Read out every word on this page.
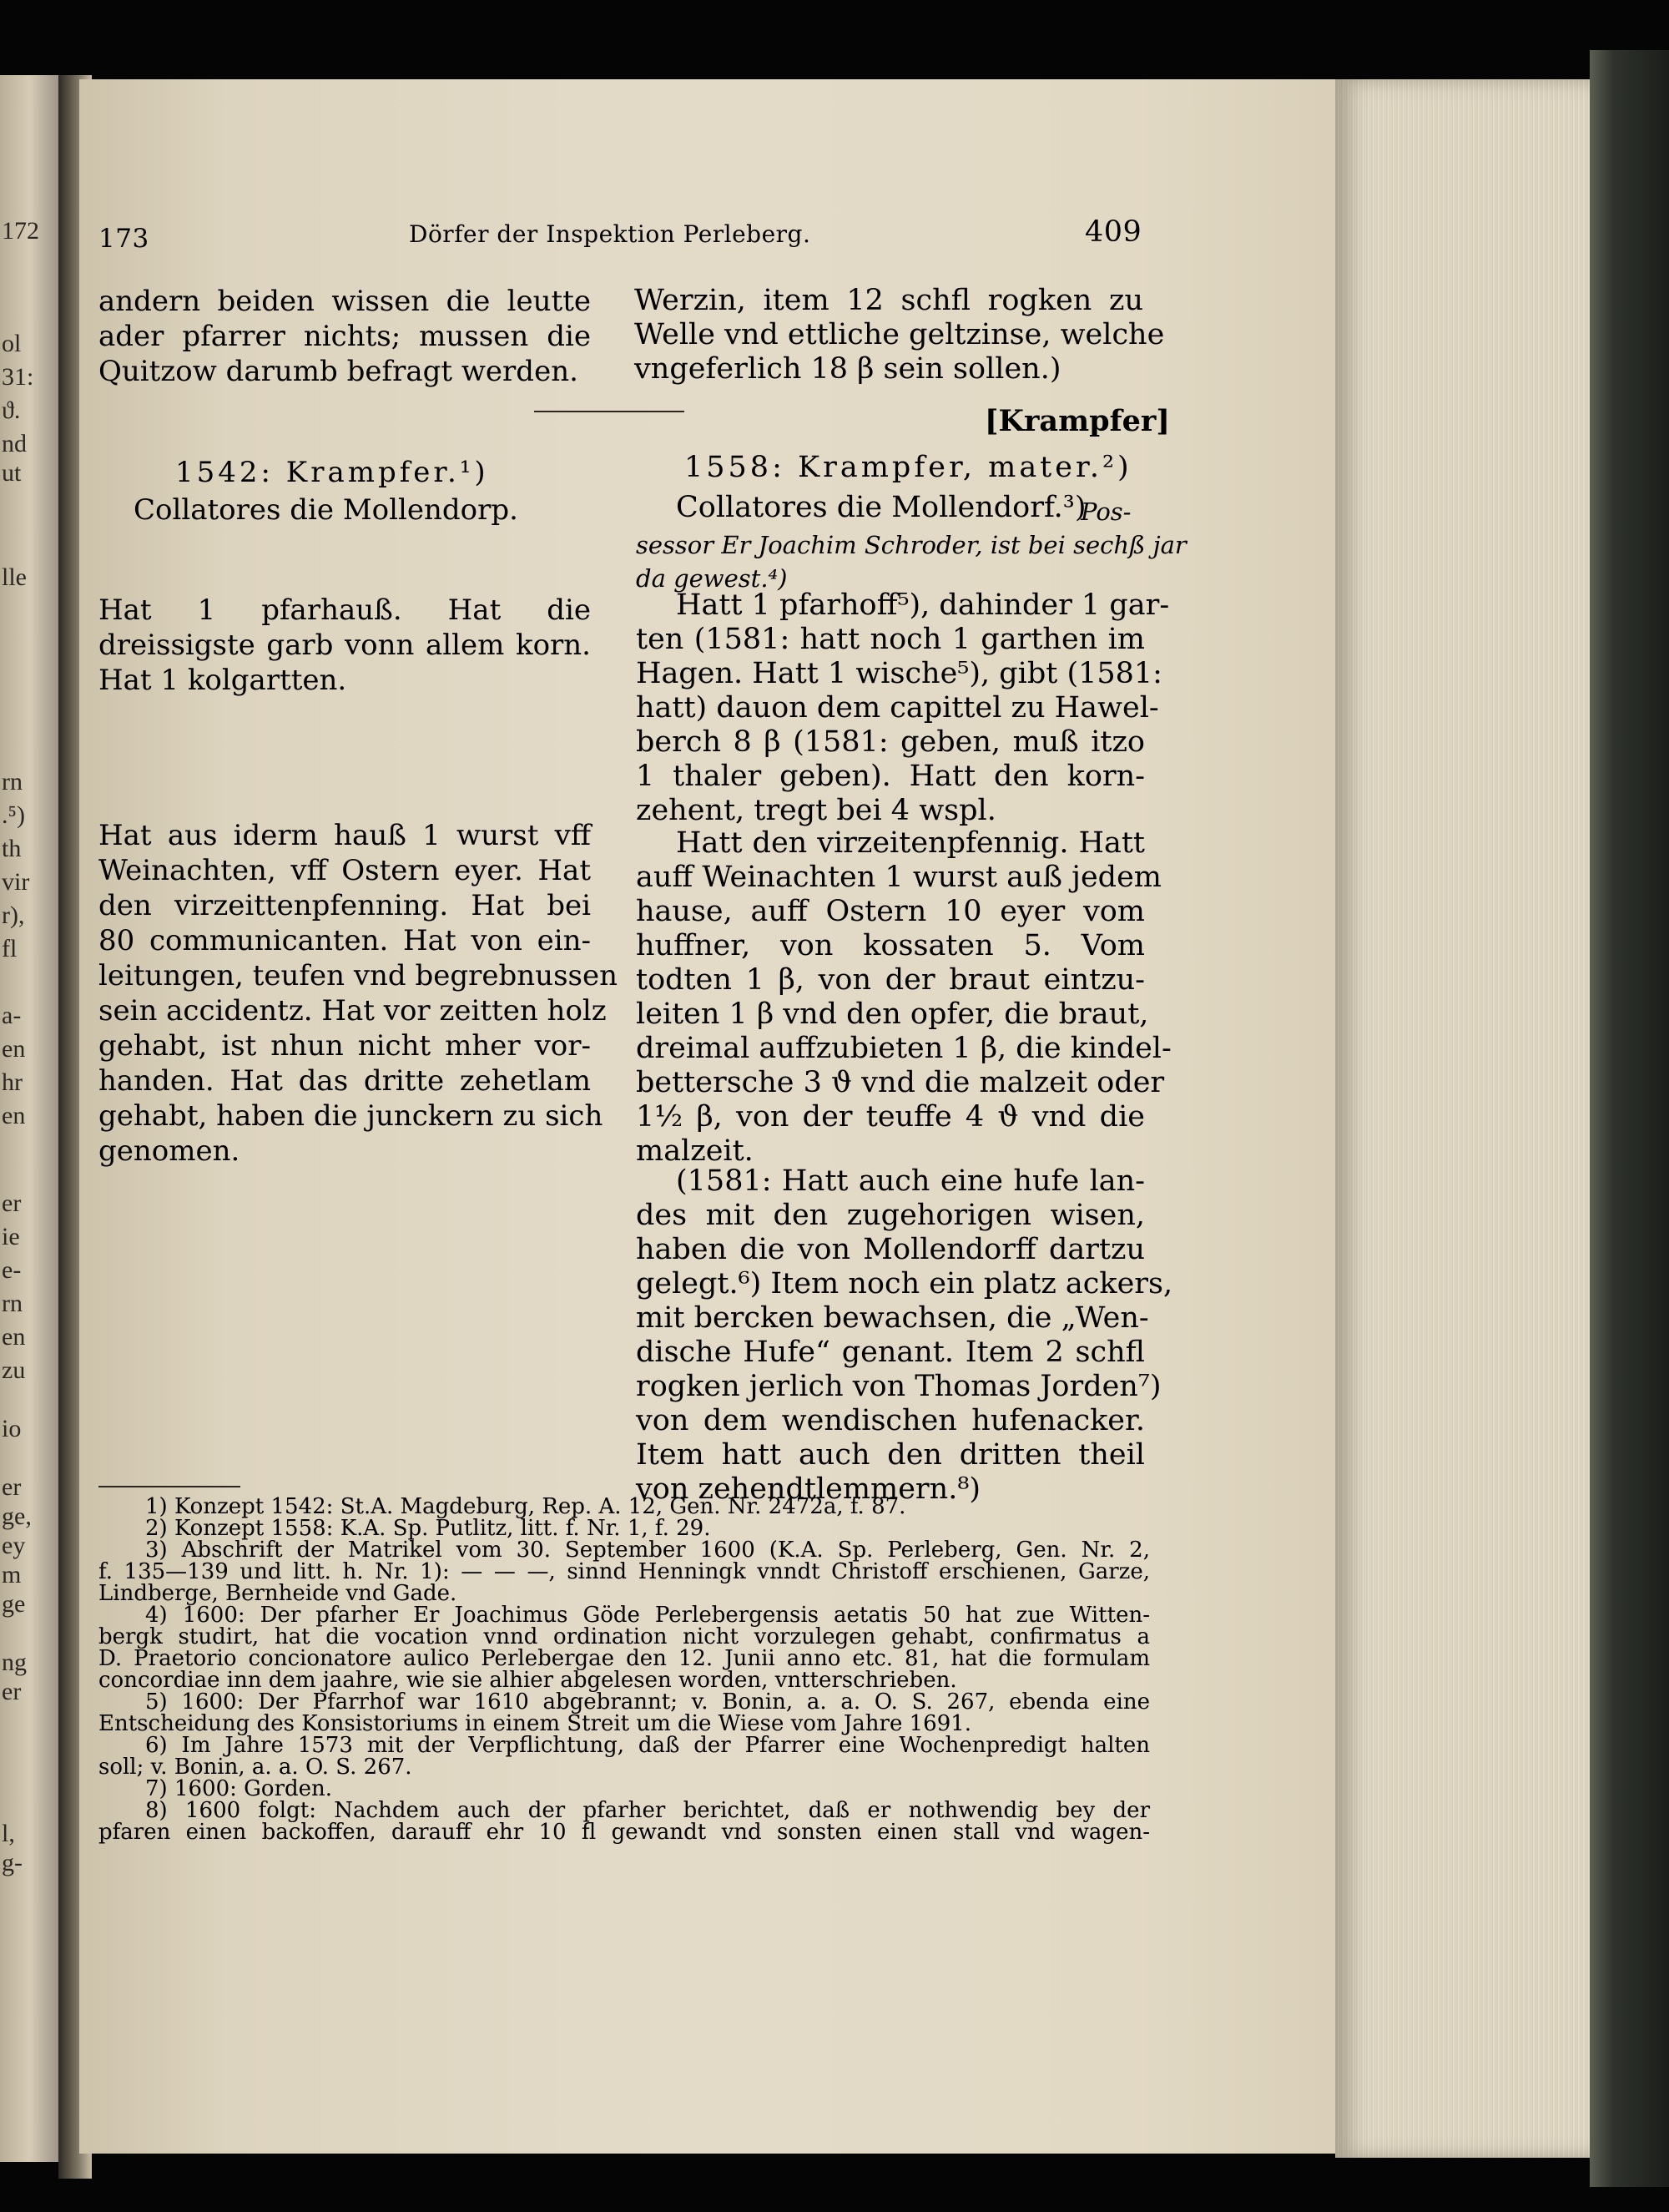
172
ol
31:
ϑ.
nd
ut
lle
rn
.⁵)
th
vir
r),
fl
a-
en
hr
en
er
ie
e-
rn
en
zu
io
er
ge,
ey
m
ge
ng
er
l,
g-
173	Dörfer der Inspektion Perleberg.	409
andern beiden wissen die leutte
ader pfarrer nichts; mussen die
Quitzow darumb befragt werden.
Werzin, item 12 schfl rogken zu
Welle vnd ettliche geltzinse, welche
vngeferlich 18 β sein sollen.)
[Krampfer]
1542: Krampfer.¹)
Collatores die Mollendorp.
Hat 1 pfarhauß. Hat die
dreissigste garb vonn allem korn.
Hat 1 kolgartten.
Hat aus iderm hauß 1 wurst vff
Weinachten, vff Ostern eyer. Hat
den virzeittenpfenning. Hat bei
80 communicanten. Hat von ein-
leitungen, teufen vnd begrebnussen
sein accidentz. Hat vor zeitten holz
gehabt, ist nhun nicht mher vor-
handen. Hat das dritte zehetlam
gehabt, haben die junckern zu sich
genomen.
1558: Krampfer, mater.²)
Collatores die Mollendorf.³)
Pos-
sessor Er Joachim Schroder, ist bei sechß jar
da gewest.⁴)
Hatt 1 pfarhoff⁵), dahinder 1 gar-
ten (1581: hatt noch 1 garthen im
Hagen. Hatt 1 wische⁵), gibt (1581:
hatt) dauon dem capittel zu Hawel-
berch 8 β (1581: geben, muß itzo
1 thaler geben). Hatt den korn-
zehent, tregt bei 4 wspl.
Hatt den virzeitenpfennig. Hatt
auff Weinachten 1 wurst auß jedem
hause, auff Ostern 10 eyer vom
huffner, von kossaten 5. Vom
todten 1 β, von der braut eintzu-
leiten 1 β vnd den opfer, die braut,
dreimal auffzubieten 1 β, die kindel-
bettersche 3 ϑ vnd die malzeit oder
1½ β, von der teuffe 4 ϑ vnd die
malzeit.
(1581: Hatt auch eine hufe lan-
des mit den zugehorigen wisen,
haben die von Mollendorff dartzu
gelegt.⁶) Item noch ein platz ackers,
mit bercken bewachsen, die „Wen-
dische Hufe“ genant. Item 2 schfl
rogken jerlich von Thomas Jorden⁷)
von dem wendischen hufenacker.
Item hatt auch den dritten theil
von zehendtlemmern.⁸)
1) Konzept 1542: St.A. Magdeburg, Rep. A. 12, Gen. Nr. 2472a, f. 87.
2) Konzept 1558: K.A. Sp. Putlitz, litt. f. Nr. 1, f. 29.
3) Abschrift der Matrikel vom 30. September 1600 (K.A. Sp. Perleberg, Gen. Nr. 2,
f. 135—139 und litt. h. Nr. 1): — — —, sinnd Henningk vnndt Christoff erschienen, Garze,
Lindberge, Bernheide vnd Gade.
4) 1600: Der pfarher Er Joachimus Göde Perlebergensis aetatis 50 hat zue Witten-
bergk studirt, hat die vocation vnnd ordination nicht vorzulegen gehabt, confirmatus a
D. Praetorio concionatore aulico Perlebergae den 12. Junii anno etc. 81, hat die formulam
concordiae inn dem jaahre, wie sie alhier abgelesen worden, vntterschrieben.
5) 1600: Der Pfarrhof war 1610 abgebrannt; v. Bonin, a. a. O. S. 267, ebenda eine
Entscheidung des Konsistoriums in einem Streit um die Wiese vom Jahre 1691.
6) Im Jahre 1573 mit der Verpflichtung, daß der Pfarrer eine Wochenpredigt halten
soll; v. Bonin, a. a. O. S. 267.
7) 1600: Gorden.
8) 1600 folgt: Nachdem auch der pfarher berichtet, daß er nothwendig bey der
pfaren einen backoffen, darauff ehr 10 fl gewandt vnd sonsten einen stall vnd wagen-
